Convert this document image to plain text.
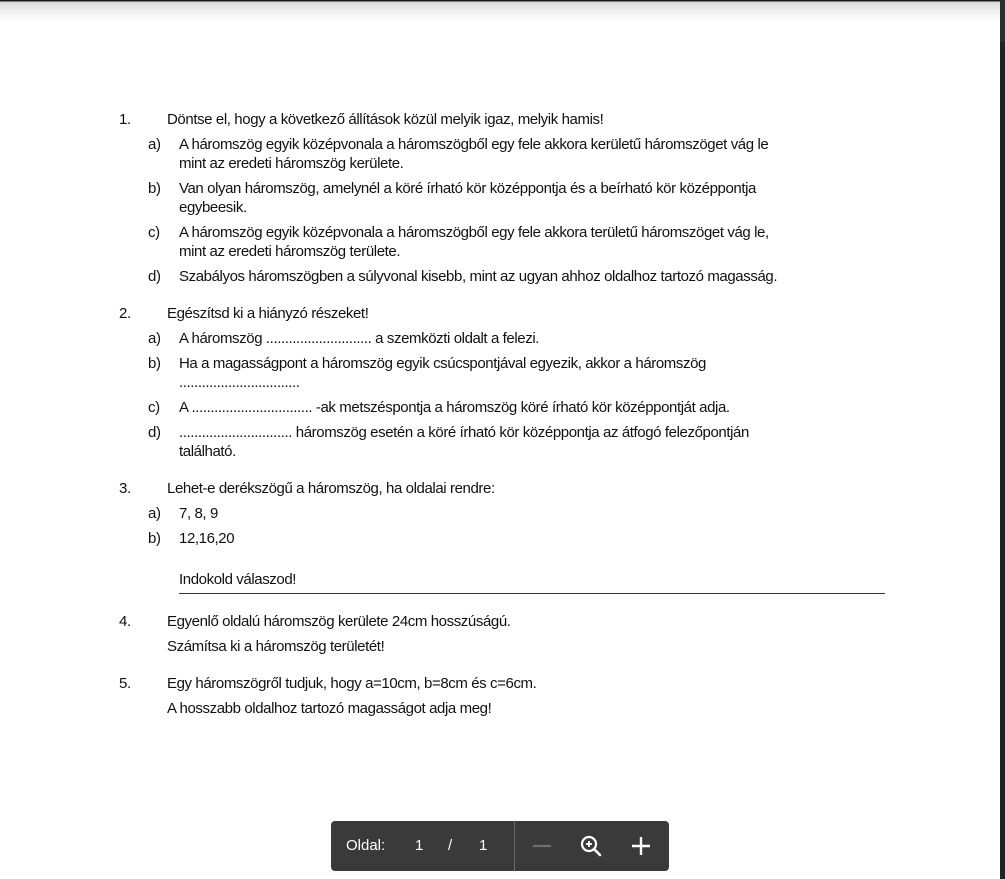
1.	Döntse el, hogy a következő állítások közül melyik igaz, melyik hamis!
a)	A háromszög egyik középvonala a háromszögből egy fele akkora kerületű háromszöget vág le
mint az eredeti háromszög kerülete.
b)	Van olyan háromszög, amelynél a köré írható kör középpontja és a beírható kör középpontja
egybeesik.
c)	A háromszög egyik középvonala a háromszögből egy fele akkora területű háromszöget vág le,
mint az eredeti háromszög területe.
d)	Szabályos háromszögben a súlyvonal kisebb, mint az ugyan ahhoz oldalhoz tartozó magasság.
2.	Egészítsd ki a hiányzó részeket!
a)	A háromszög ............................ a szemközti oldalt a felezi.
b)	Ha a magasságpont a háromszög egyik csúcspontjával egyezik, akkor a háromszög
................................
c)	A ................................ -ak metszéspontja a háromszög köré írható kör középpontját adja.
d)	.............................. háromszög esetén a köré írható kör középpontja az átfogó felezőpontján
található.
3.	Lehet-e derékszögű a háromszög, ha oldalai rendre:
a)	7, 8, 9
b)	12,16,20
Indokold válaszod!
4.	Egyenlő oldalú háromszög kerülete 24cm hosszúságú.
Számítsa ki a háromszög területét!
5.	Egy háromszögről tudjuk, hogy a=10cm, b=8cm és c=6cm.
A hosszabb oldalhoz tartozó magasságot adja meg!
Oldal: 1 / 1
